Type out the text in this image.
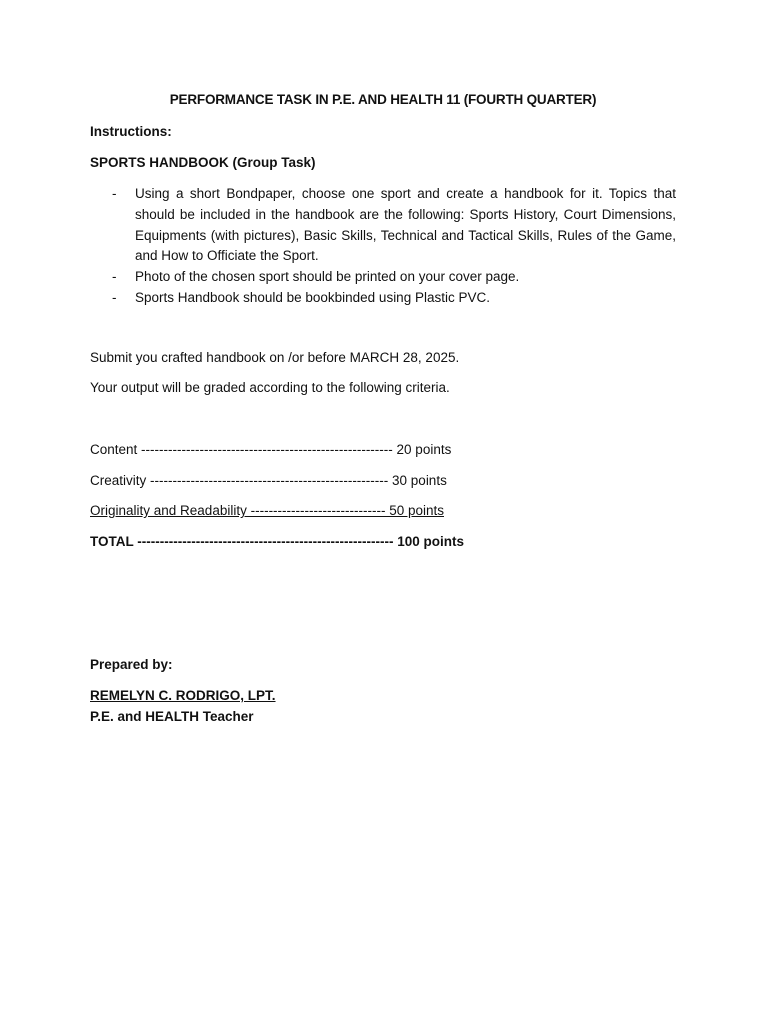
PERFORMANCE TASK IN P.E. AND HEALTH 11 (FOURTH QUARTER)
Instructions:
SPORTS HANDBOOK (Group Task)
- Using a short Bondpaper, choose one sport and create a handbook for it. Topics that should be included in the handbook are the following: Sports History, Court Dimensions, Equipments (with pictures), Basic Skills, Technical and Tactical Skills, Rules of the Game, and How to Officiate the Sport.
- Photo of the chosen sport should be printed on your cover page.
- Sports Handbook should be bookbinded using Plastic PVC.
Submit you crafted handbook on /or before MARCH 28, 2025.
Your output will be graded according to the following criteria.
Content -------------------------------------------------------- 20 points
Creativity ----------------------------------------------------- 30 points
Originality and Readability ------------------------------ 50 points
TOTAL --------------------------------------------------------- 100 points
Prepared by:
REMELYN C. RODRIGO, LPT.
P.E. and HEALTH Teacher
